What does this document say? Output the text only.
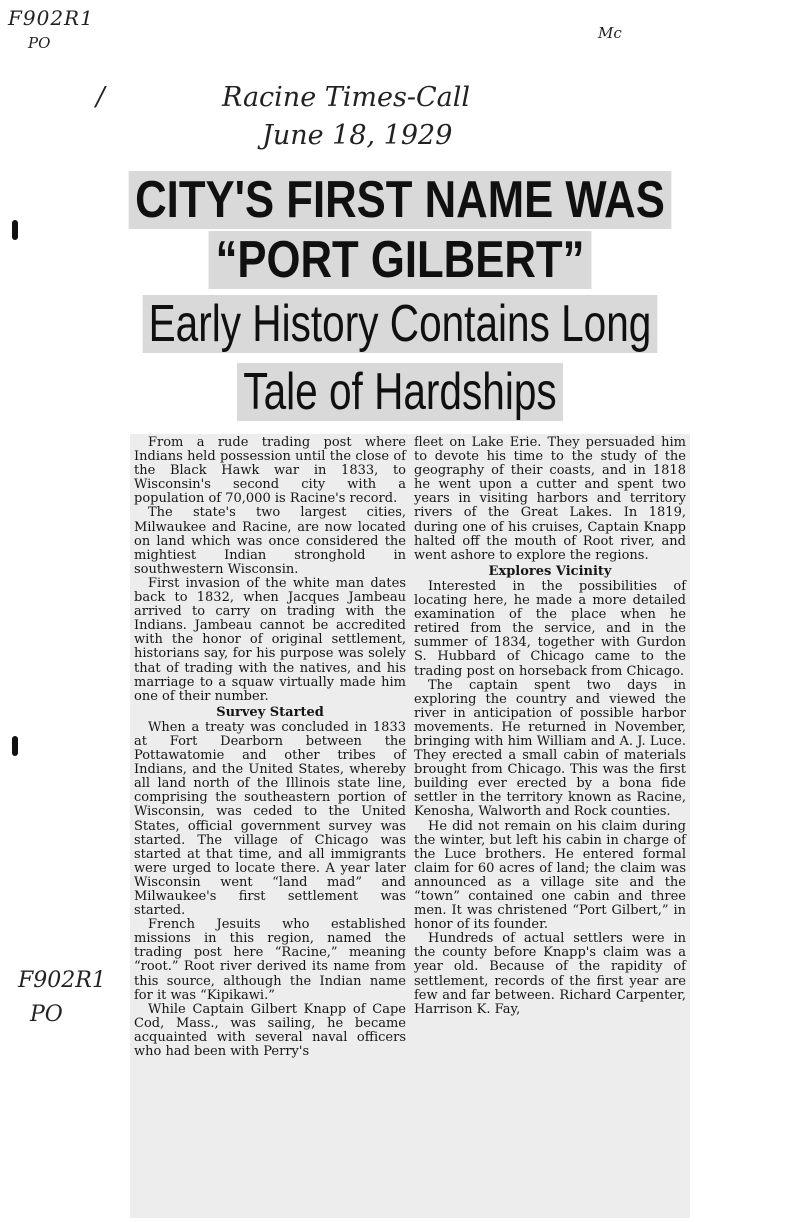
F902R1
PO
Mc
/	Racine Times-Call
June 18, 1929
F902R1
PO
CITY'S FIRST NAME WAS
“PORT GILBERT”
Early History Contains Long
Tale of Hardships

From a rude trading post where Indians held possession until the close of the Black Hawk war in 1833, to Wisconsin's second city with a population of 70,000 is Racine's record.

The state's two largest cities, Milwaukee and Racine, are now located on land which was once considered the mightiest Indian stronghold in southwestern Wisconsin.

First invasion of the white man dates back to 1832, when Jacques Jambeau arrived to carry on trading with the Indians. Jambeau cannot be accredited with the honor of original settlement, historians say, for his purpose was solely that of trading with the natives, and his marriage to a squaw virtually made him one of their number.

Survey Started

When a treaty was concluded in 1833 at Fort Dearborn between the Pottawatomie and other tribes of Indians, and the United States, whereby all land north of the Illinois state line, comprising the southeastern portion of Wisconsin, was ceded to the United States, official government survey was started. The village of Chicago was started at that time, and all immigrants were urged to locate there. A year later Wisconsin went “land mad” and Milwaukee's first settlement was started.

French Jesuits who established missions in this region, named the trading post here “Racine,” meaning “root.” Root river derived its name from this source, although the Indian name for it was “Kipikawi.”

While Captain Gilbert Knapp of Cape Cod, Mass., was sailing, he became acquainted with several naval officers who had been with Perry's

fleet on Lake Erie. They persuaded him to devote his time to the study of the geography of their coasts, and in 1818 he went upon a cutter and spent two years in visiting harbors and territory rivers of the Great Lakes. In 1819, during one of his cruises, Captain Knapp halted off the mouth of Root river, and went ashore to explore the regions.

Explores Vicinity

Interested in the possibilities of locating here, he made a more detailed examination of the place when he retired from the service, and in the summer of 1834, together with Gurdon S. Hubbard of Chicago came to the trading post on horseback from Chicago.

The captain spent two days in exploring the country and viewed the river in anticipation of possible harbor movements. He returned in November, bringing with him William and A. J. Luce. They erected a small cabin of materials brought from Chicago. This was the first building ever erected by a bona fide settler in the territory known as Racine, Kenosha, Walworth and Rock counties.

He did not remain on his claim during the winter, but left his cabin in charge of the Luce brothers. He entered formal claim for 60 acres of land; the claim was announced as a village site and the “town” contained one cabin and three men. It was christened “Port Gilbert,” in honor of its founder.

Hundreds of actual settlers were in the county before Knapp's claim was a year old. Because of the rapidity of settlement, records of the first year are few and far between. Richard Carpenter, Harrison K. Fay,
